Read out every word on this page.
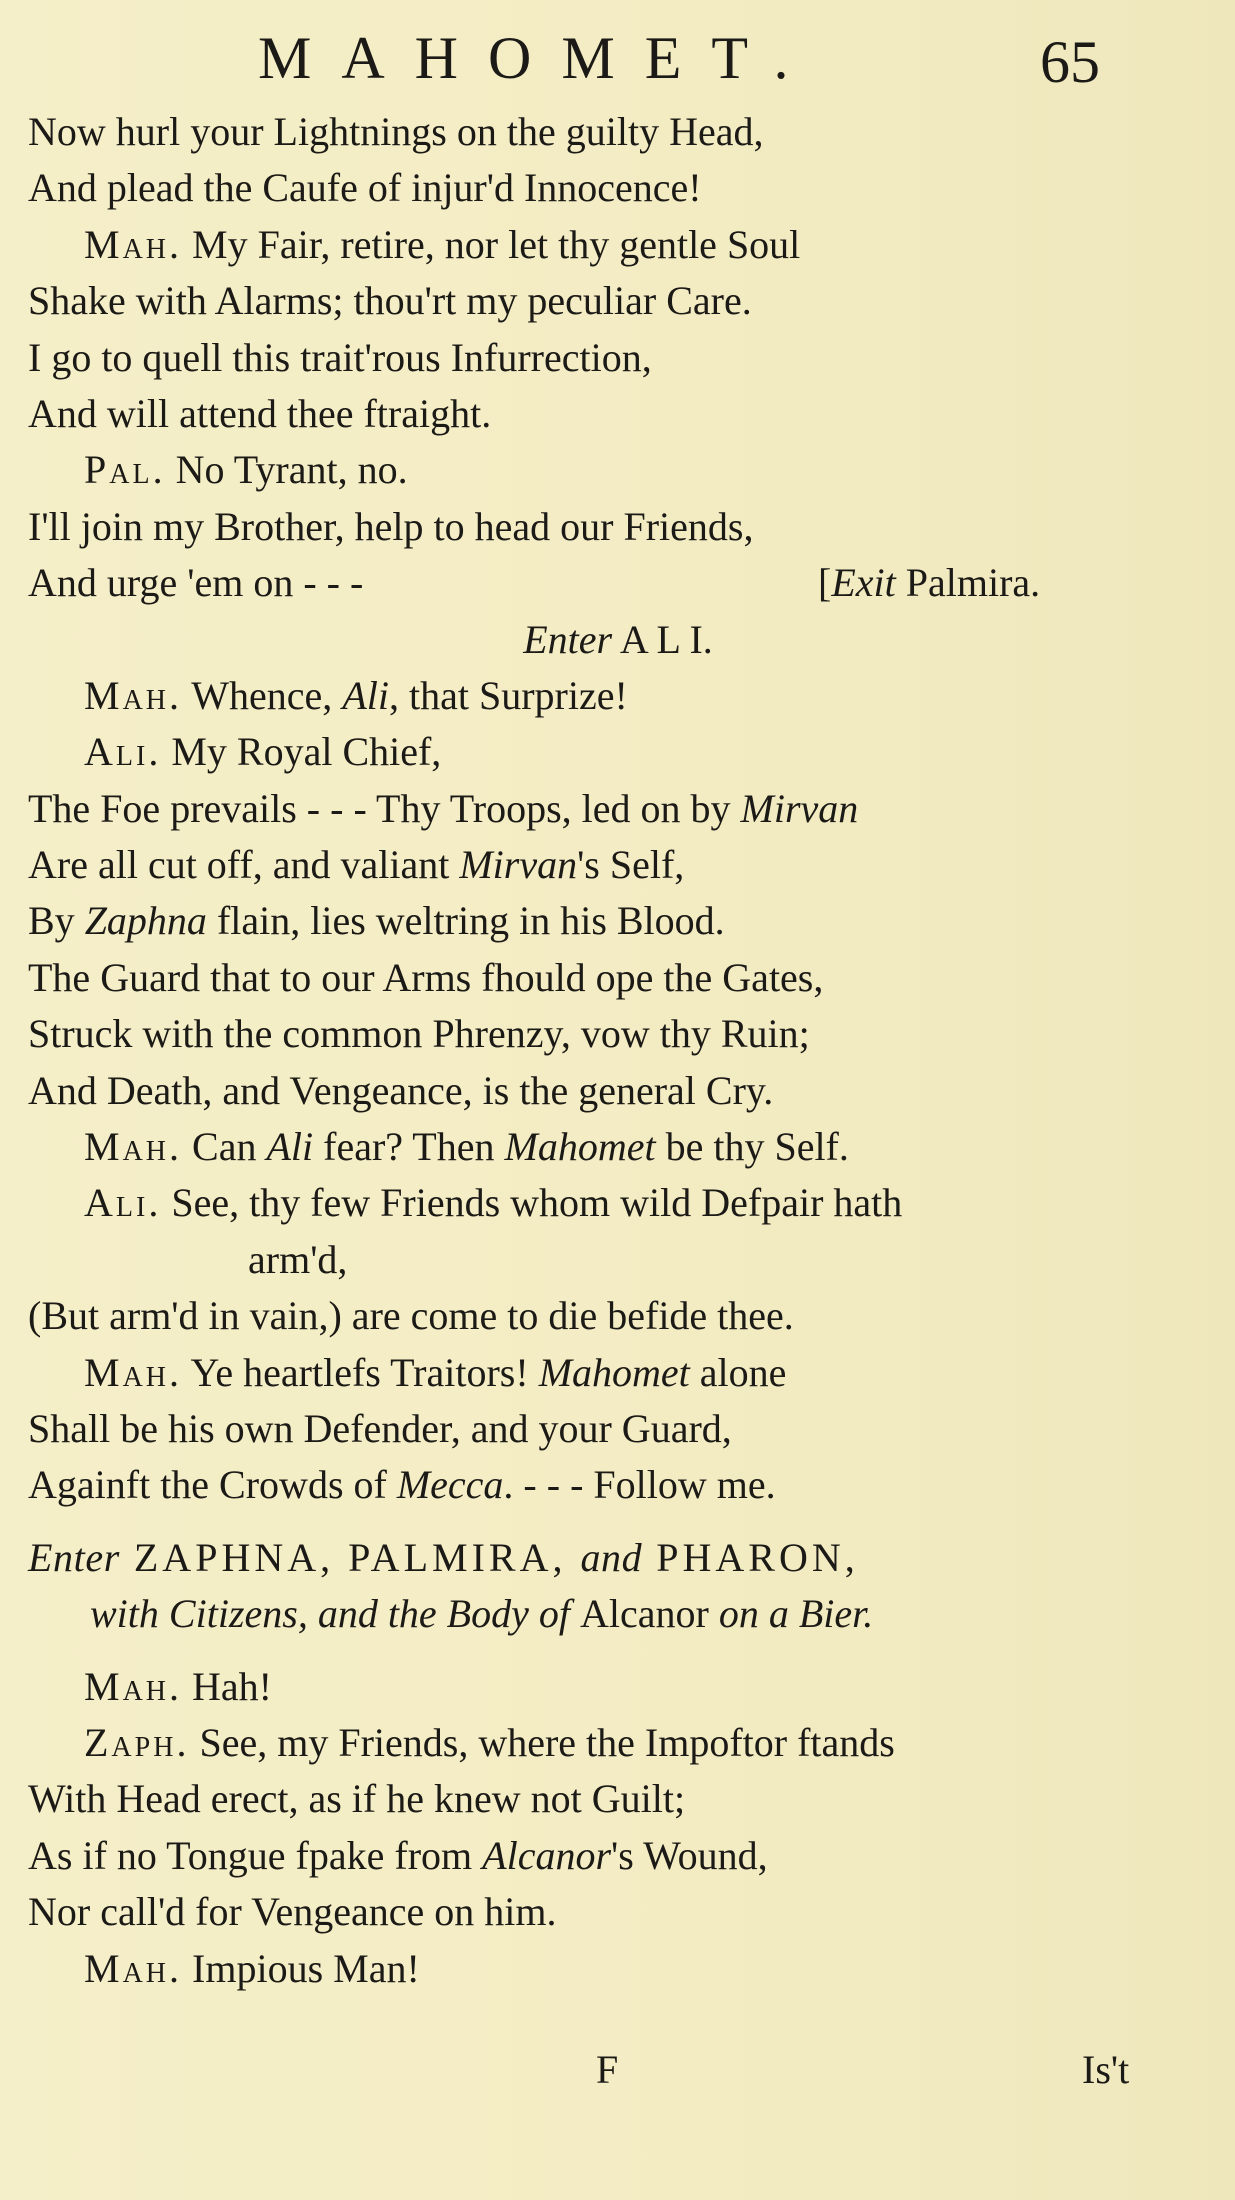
MAHOMET.	65
Now hurl your Lightnings on the guilty Head,
And plead the Caufe of injur'd Innocence!
Mah. My Fair, retire, nor let thy gentle Soul
Shake with Alarms; thou'rt my peculiar Care.
I go to quell this trait'rous Infurrection,
And will attend thee ftraight.
Pal. No Tyrant, no.
I'll join my Brother, help to head our Friends,
And urge 'em on - - -	[Exit Palmira.
Enter A L I.
Mah. Whence, Ali, that Surprize!
Ali. My Royal Chief,
The Foe prevails - - - Thy Troops, led on by Mirvan
Are all cut off, and valiant Mirvan's Self,
By Zaphna flain, lies weltring in his Blood.
The Guard that to our Arms fhould ope the Gates,
Struck with the common Phrenzy, vow thy Ruin;
And Death, and Vengeance, is the general Cry.
Mah. Can Ali fear? Then Mahomet be thy Self.
Ali. See, thy few Friends whom wild Defpair hath
arm'd,
(But arm'd in vain,) are come to die befide thee.
Mah. Ye heartlefs Traitors! Mahomet alone
Shall be his own Defender, and your Guard,
Againft the Crowds of Mecca. - - - Follow me.
Enter ZAPHNA, PALMIRA, and PHARON,
with Citizens, and the Body of Alcanor on a Bier.
Mah. Hah!
Zaph. See, my Friends, where the Impoftor ftands
With Head erect, as if he knew not Guilt;
As if no Tongue fpake from Alcanor's Wound,
Nor call'd for Vengeance on him.
Mah. Impious Man!
F	Is't
